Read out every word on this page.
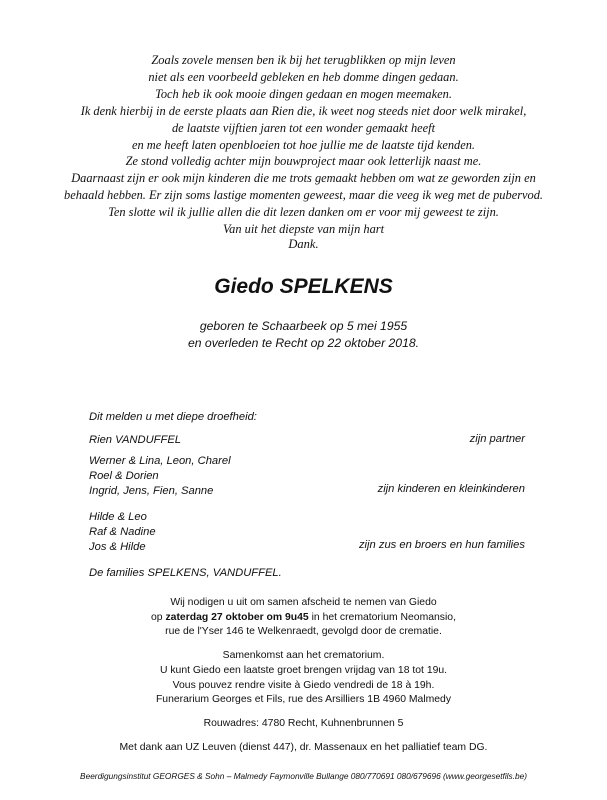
Zoals zovele mensen ben ik bij het terugblikken op mijn leven
niet als een voorbeeld gebleken en heb domme dingen gedaan.
Toch heb ik ook mooie dingen gedaan en mogen meemaken.
Ik denk hierbij in de eerste plaats aan Rien die, ik weet nog steeds niet door welk mirakel,
de laatste vijftien jaren tot een wonder gemaakt heeft
en me heeft laten openbloeien tot hoe jullie me de laatste tijd kenden.
Ze stond volledig achter mijn bouwproject maar ook letterlijk naast me.
Daarnaast zijn er ook mijn kinderen die me trots gemaakt hebben om wat ze geworden zijn en
behaald hebben. Er zijn soms lastige momenten geweest, maar die veeg ik weg met de pubervod.
Ten slotte wil ik jullie allen die dit lezen danken om er voor mij geweest te zijn.
Van uit het diepste van mijn hart
Dank.
Giedo SPELKENS
geboren te Schaarbeek op 5 mei 1955
en overleden te Recht op 22 oktober 2018.
Dit melden u met diepe droefheid:
Rien VANDUFFEL	zijn partner
Werner & Lina, Leon, Charel
Roel & Dorien
Ingrid, Jens, Fien, Sanne	zijn kinderen en kleinkinderen
Hilde & Leo
Raf & Nadine
Jos & Hilde	zijn zus en broers en hun families
De families SPELKENS, VANDUFFEL.
Wij nodigen u uit om samen afscheid te nemen van Giedo
op zaterdag 27 oktober om 9u45 in het crematorium Neomansio,
rue de l'Yser 146 te Welkenraedt, gevolgd door de crematie.
Samenkomst aan het crematorium.
U kunt Giedo een laatste groet brengen vrijdag van 18 tot 19u.
Vous pouvez rendre visite à Giedo vendredi de 18 à 19h.
Funerarium Georges et Fils, rue des Arsilliers 1B 4960 Malmedy
Rouwadres: 4780 Recht, Kuhnenbrunnen 5
Met dank aan UZ Leuven (dienst 447), dr. Massenaux en het palliatief team DG.
Beerdigungsinstitut GEORGES & Sohn – Malmedy Faymonville Bullange 080/770691 080/679696 (www.georgesetfils.be)
